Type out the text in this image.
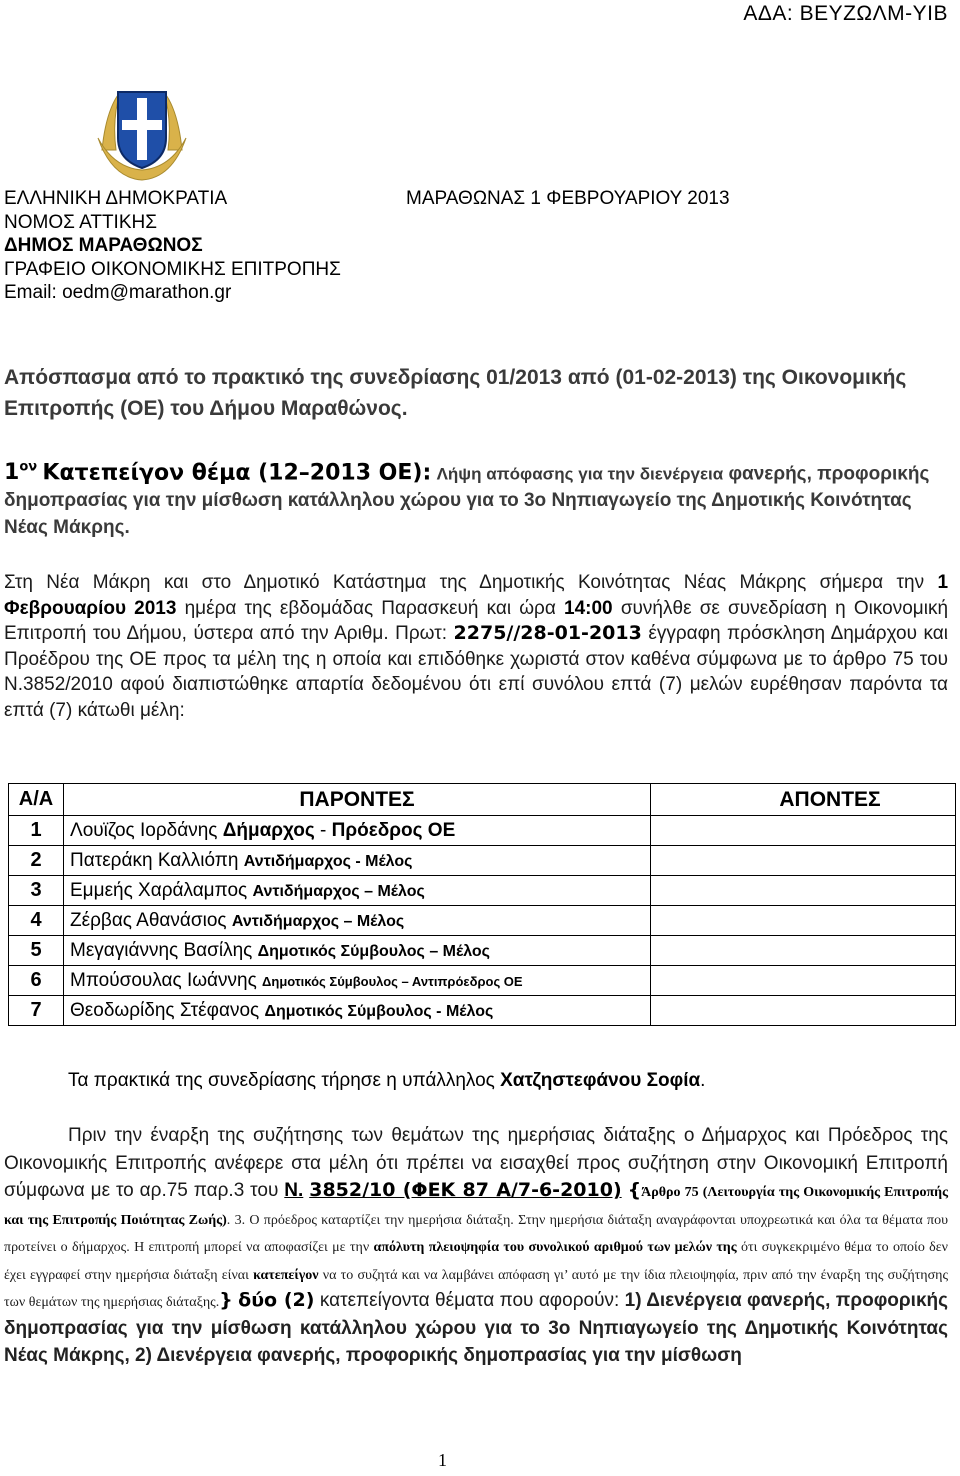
ΑΔΑ: ΒΕΥΖΩΛΜ-ΥΙΒ
ΕΛΛΗΝΙΚΗ ΔΗΜΟΚΡΑΤΙΑ
ΝΟΜΟΣ ΑΤΤΙΚΗΣ
ΔΗΜΟΣ ΜΑΡΑΘΩΝΟΣ
ΓΡΑΦΕΙΟ ΟΙΚΟΝΟΜΙΚΗΣ ΕΠΙΤΡΟΠΗΣ
Email: oedm@marathon.gr
ΜΑΡΑΘΩΝΑΣ 1 ΦΕΒΡΟΥΑΡΙΟΥ 2013
Απόσπασμα από το πρακτικό της συνεδρίασης 01/2013 από (01-02-2013) της Οικονομικής Επιτροπής (ΟΕ) του Δήμου Μαραθώνος.
$1^{o\nu}$ Κατεπείγον θέμα (12–2013 ΟΕ): Λήψη απόφασης για την διενέργεια φανερής, προφορικής δημοπρασίας για την μίσθωση κατάλληλου χώρου για το 3ο Νηπιαγωγείο της Δημοτικής Κοινότητας Νέας Μάκρης.
Στη Νέα Μάκρη και στο Δημοτικό Κατάστημα της Δημοτικής Κοινότητας Νέας Μάκρης σήμερα την 1 Φεβρουαρίου 2013 ημέρα της εβδομάδας Παρασκευή και ώρα 14:00 συνήλθε σε συνεδρίαση η Οικονομική Επιτροπή του Δήμου, ύστερα από την Αριθμ. Πρωτ: 2275//28-01-2013 έγγραφη πρόσκληση Δημάρχου και Προέδρου της ΟΕ προς τα μέλη της η οποία και επιδόθηκε χωριστά στον καθένα σύμφωνα με το άρθρο 75 του Ν.3852/2010 αφού διαπιστώθηκε απαρτία δεδομένου ότι επί συνόλου επτά (7) μελών ευρέθησαν παρόντα τα επτά (7) κάτωθι μέλη:
Α/Α	ΠΑΡΟΝΤΕΣ	ΑΠΟΝΤΕΣ
1	Λουϊζος Ιορδάνης Δήμαρχος - Πρόεδρος ΟΕ	
2	Πατεράκη Καλλιόπη Αντιδήμαρχος - Μέλος	
3	Εμμεής Χαράλαμπος Αντιδήμαρχος – Μέλος	
4	Ζέρβας Αθανάσιος Αντιδήμαρχος – Μέλος	
5	Μεγαγιάννης Βασίλης Δημοτικός Σύμβουλος – Μέλος	
6	Μπούσουλας Ιωάννης Δημοτικός Σύμβουλος – Αντιπρόεδρος ΟΕ	
7	Θεοδωρίδης Στέφανος Δημοτικός Σύμβουλος - Μέλος	
Τα πρακτικά της συνεδρίασης τήρησε η υπάλληλος Χατζηστεφάνου Σοφία.
Πριν την έναρξη της συζήτησης των θεμάτων της ημερήσιας διάταξης ο Δήμαρχος και Πρόεδρος της Οικονομικής Επιτροπής ανέφερε στα μέλη ότι πρέπει να εισαχθεί προς συζήτηση στην Οικονομική Επιτροπή σύμφωνα με το αρ.75 παρ.3 του Ν. 3852/10 (ΦΕΚ 87 Α/7-6-2010) {Άρθρο 75 (Λειτουργία της Οικονομικής Επιτροπής και της Επιτροπής Ποιότητας Ζωής). 3. Ο πρόεδρος καταρτίζει την ημερήσια διάταξη. Στην ημερήσια διάταξη αναγράφονται υποχρεωτικά και όλα τα θέματα που προτείνει ο δήμαρχος. Η επιτροπή μπορεί να αποφασίζει με την απόλυτη πλειοψηφία του συνολικού αριθμού των μελών της ότι συγκεκριμένο θέμα το οποίο δεν έχει εγγραφεί στην ημερήσια διάταξη είναι κατεπείγον να το συζητά και να λαμβάνει απόφαση γι’ αυτό με την ίδια πλειοψηφία, πριν από την έναρξη της συζήτησης των θεμάτων της ημερήσιας διάταξης.} δύο (2) κατεπείγοντα θέματα που αφορούν: 1) Διενέργεια φανερής, προφορικής δημοπρασίας για την μίσθωση κατάλληλου χώρου για το 3ο Νηπιαγωγείο της Δημοτικής Κοινότητας Νέας Μάκρης, 2) Διενέργεια φανερής, προφορικής δημοπρασίας για την μίσθωση
1
